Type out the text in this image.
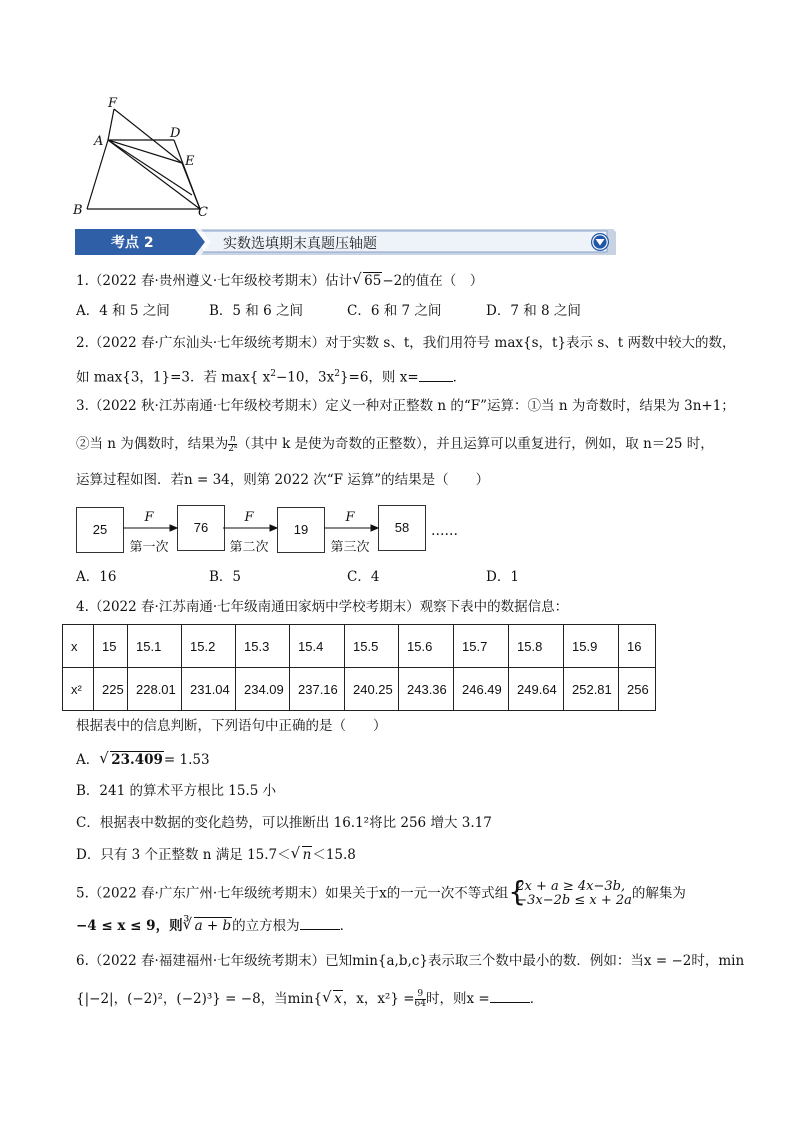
F
A
D
E
B	C
考点 2	实数选填期末真题压轴题
1.（2022 春·贵州遵义·七年级校考期末）估计 √ 65−2的值在（　）
A．4 和 5 之间	B．5 和 6 之间	C．6 和 7 之间	D．7 和 8 之间
2.（2022 春·广东汕头·七年级统考期末）对于实数 s、t，我们用符号 max{s，t}表示 s、t 两数中较大的数，
如 max{3，1}=3．若 max{ $x^2-10$，$3x^2\}=6$，则 x=	．
3.（2022 秋·江苏南通·七年级校考期末）定义一种对正整数 n 的“F”运算：①当 n 为奇数时，结果为 3n+1；
②当 n 为偶数时，结果为 $\frac{n}{\text{2ᵏ}}$ （其中 k 是使为奇数的正整数），并且运算可以重复进行，例如，取 n＝25 时，
运算过程如图．若n = 34，则第 2022 次“F 运算”的结果是（　　）
25	76	19	58
F	F	F
第一次	第二次	第三次
……
A．16	B．5	C．4	D．1
4.（2022 春·江苏南通·七年级南通田家炳中学校考期末）观察下表中的数据信息：
x	15	15.1	15.2	15.3	15.4	15.5	15.6	15.7	15.8	15.9	16
x²	225	228.01	231.04	234.09	237.16	240.25	243.36	246.49	249.64	252.81	256
根据表中的信息判断，下列语句中正确的是（　　）
A． √ 23.409= 1.53
B．241 的算术平方根比 15.5 小
C．根据表中数据的变化趋势，可以推断出 16.1²将比 256 增大 3.17
D．只有 3 个正整数 n 满足 15.7＜ √ n＜15.8
5.（2022 春·广东广州·七年级统考期末）如果关于x的一元一次不等式组 {
2x + a ≥ 4x−3b,
−3x−2b ≤ x + 2a 的解集为
−4 ≤ x ≤ 9，则 ∛ a + b的立方根为	．
6.（2022 春·福建福州·七年级统考期末）已知min{a,b,c}表示取三个数中最小的数．例如：当x = −2时，min
{|−2|，(−2)²，(−2)³} = −8，当min{ √ x，x，$x^2\} = \frac{9}{64}$ 时，则x =	．
